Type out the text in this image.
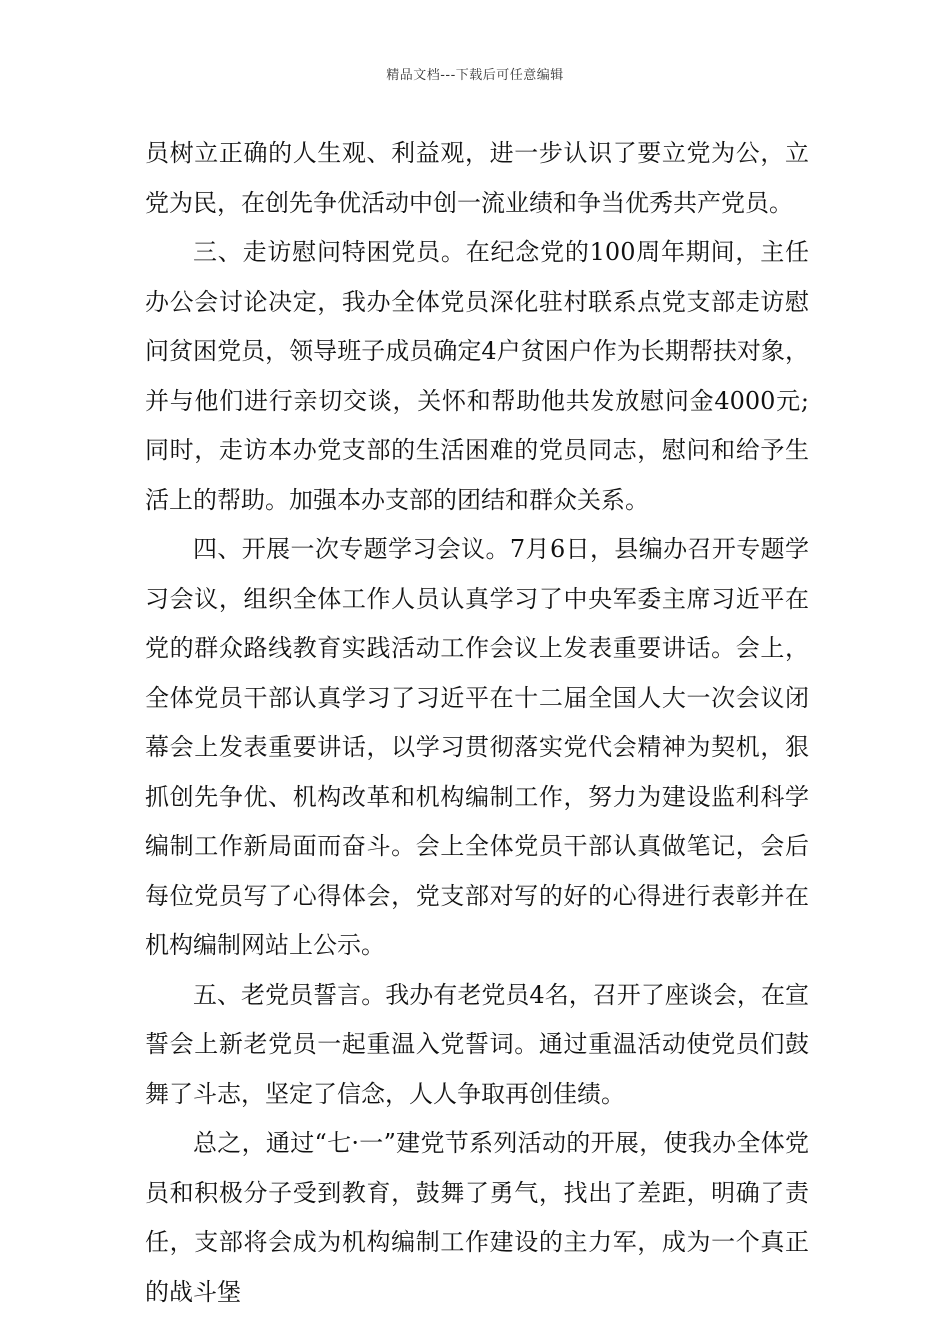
精品文档---下载后可任意编辑

员树立正确的人生观、利益观，进一步认识了要立党为公，立党为民，在创先争优活动中创一流业绩和争当优秀共产党员。

三、走访慰问特困党员。在纪念党的100周年期间，主任办公会讨论决定，我办全体党员深化驻村联系点党支部走访慰问贫困党员，领导班子成员确定4户贫困户作为长期帮扶对象，并与他们进行亲切交谈，关怀和帮助他共发放慰问金4000元;同时，走访本办党支部的生活困难的党员同志，慰问和给予生活上的帮助。加强本办支部的团结和群众关系。

四、开展一次专题学习会议。7月6日，县编办召开专题学习会议，组织全体工作人员认真学习了中央军委主席习近平在党的群众路线教育实践活动工作会议上发表重要讲话。会上，全体党员干部认真学习了习近平在十二届全国人大一次会议闭幕会上发表重要讲话，以学习贯彻落实党代会精神为契机，狠抓创先争优、机构改革和机构编制工作，努力为建设监利科学编制工作新局面而奋斗。会上全体党员干部认真做笔记，会后每位党员写了心得体会，党支部对写的好的心得进行表彰并在机构编制网站上公示。

五、老党员誓言。我办有老党员4名，召开了座谈会，在宣誓会上新老党员一起重温入党誓词。通过重温活动使党员们鼓舞了斗志，坚定了信念，人人争取再创佳绩。

总之，通过“七·一”建党节系列活动的开展，使我办全体党员和积极分子受到教育，鼓舞了勇气，找出了差距，明确了责任，支部将会成为机构编制工作建设的主力军，成为一个真正的战斗堡
